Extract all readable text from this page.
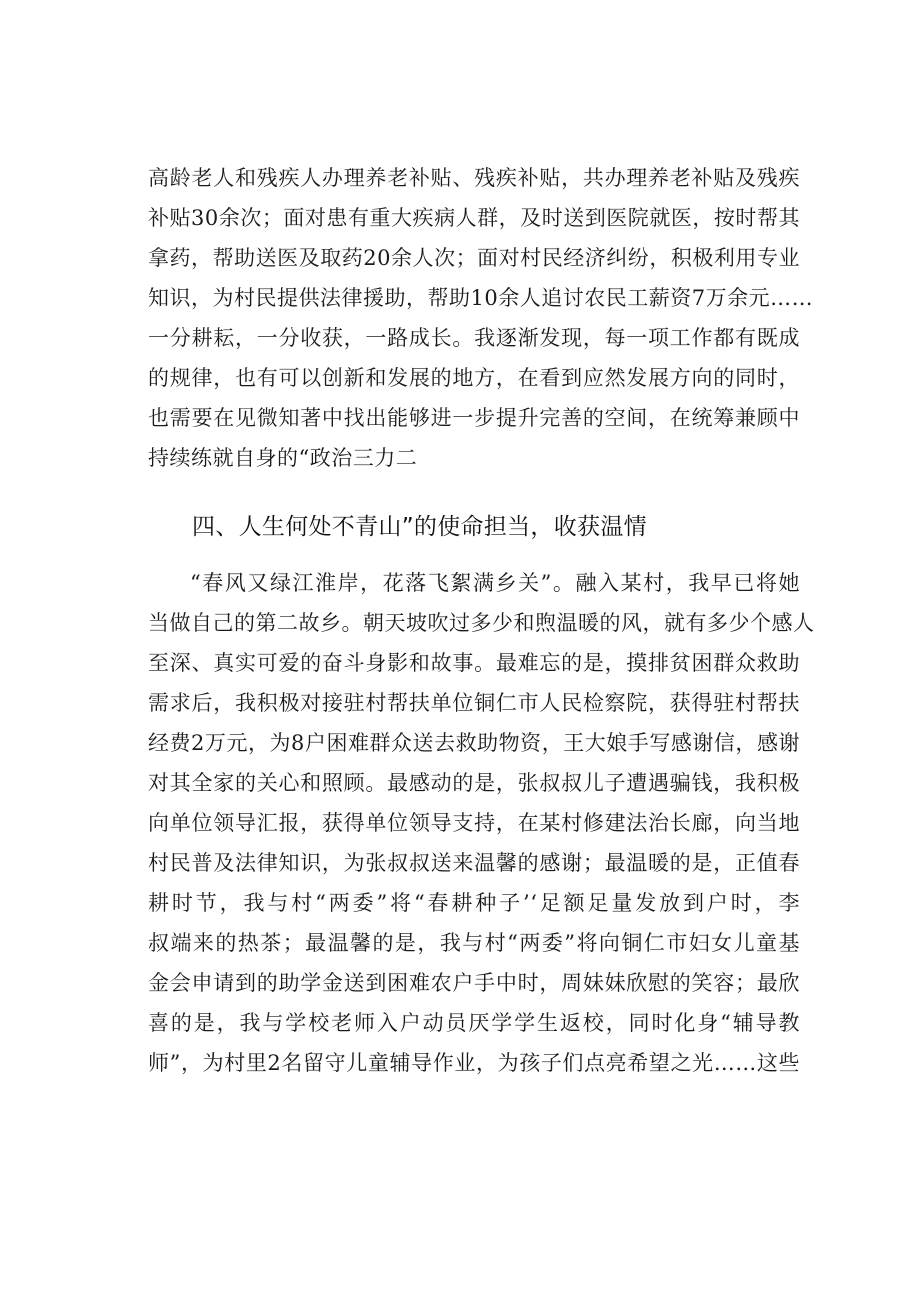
高龄老人和残疾人办理养老补贴、残疾补贴，共办理养老补贴及残疾
补贴30余次；面对患有重大疾病人群，及时送到医院就医，按时帮其
拿药，帮助送医及取药20余人次；面对村民经济纠纷，积极利用专业
知识，为村民提供法律援助，帮助10余人追讨农民工薪资7万余元……
一分耕耘，一分收获，一路成长。我逐渐发现，每一项工作都有既成
的规律，也有可以创新和发展的地方，在看到应然发展方向的同时，
也需要在见微知著中找出能够进一步提升完善的空间，在统筹兼顾中
持续练就自身的“政治三力二
四、人生何处不青山”的使命担当，收获温情
“春风又绿江淮岸，花落飞絮满乡关”。融入某村，我早已将她
当做自己的第二故乡。朝天坡吹过多少和煦温暖的风，就有多少个感人
至深、真实可爱的奋斗身影和故事。最难忘的是，摸排贫困群众救助
需求后，我积极对接驻村帮扶单位铜仁市人民检察院，获得驻村帮扶
经费2万元，为8户困难群众送去救助物资，王大娘手写感谢信，感谢
对其全家的关心和照顾。最感动的是，张叔叔儿子遭遇骗钱，我积极
向单位领导汇报，获得单位领导支持，在某村修建法治长廊，向当地
村民普及法律知识，为张叔叔送来温馨的感谢；最温暖的是，正值春
耕时节，我与村“两委”将“春耕种子’‘足额足量发放到户时，李
叔端来的热茶；最温馨的是，我与村“两委”将向铜仁市妇女儿童基
金会申请到的助学金送到困难农户手中时，周妹妹欣慰的笑容；最欣
喜的是，我与学校老师入户动员厌学学生返校，同时化身“辅导教
师”，为村里2名留守儿童辅导作业，为孩子们点亮希望之光……这些
